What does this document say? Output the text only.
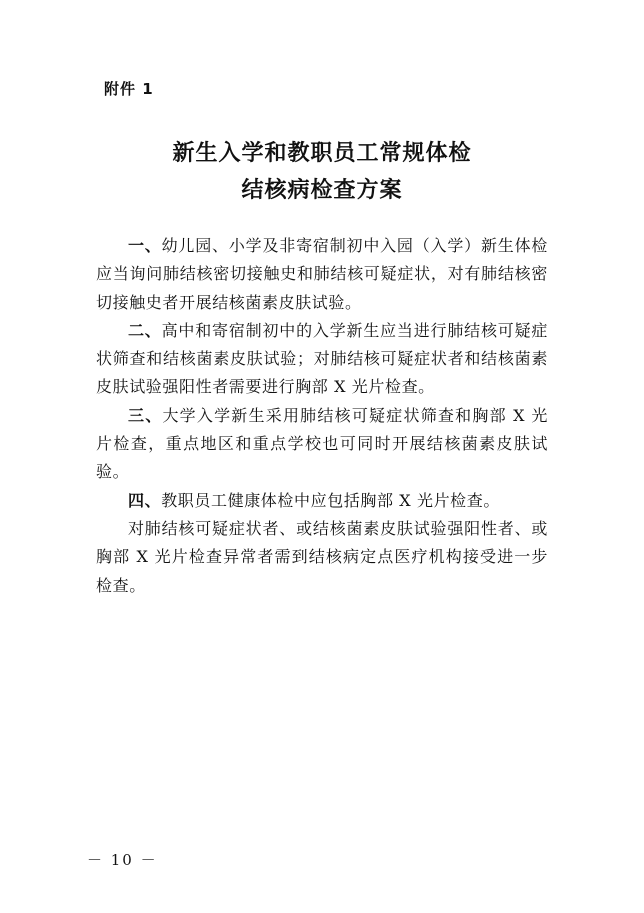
附件 1
新生入学和教职员工常规体检
结核病检查方案

一、幼儿园、小学及非寄宿制初中入园（入学）新生体检应当询问肺结核密切接触史和肺结核可疑症状，对有肺结核密切接触史者开展结核菌素皮肤试验。

二、高中和寄宿制初中的入学新生应当进行肺结核可疑症状筛查和结核菌素皮肤试验；对肺结核可疑症状者和结核菌素皮肤试验强阳性者需要进行胸部 X 光片检查。

三、大学入学新生采用肺结核可疑症状筛查和胸部 X 光片检查，重点地区和重点学校也可同时开展结核菌素皮肤试验。

四、教职员工健康体检中应包括胸部 X 光片检查。

对肺结核可疑症状者、或结核菌素皮肤试验强阳性者、或胸部 X 光片检查异常者需到结核病定点医疗机构接受进一步检查。

－ 10 －
